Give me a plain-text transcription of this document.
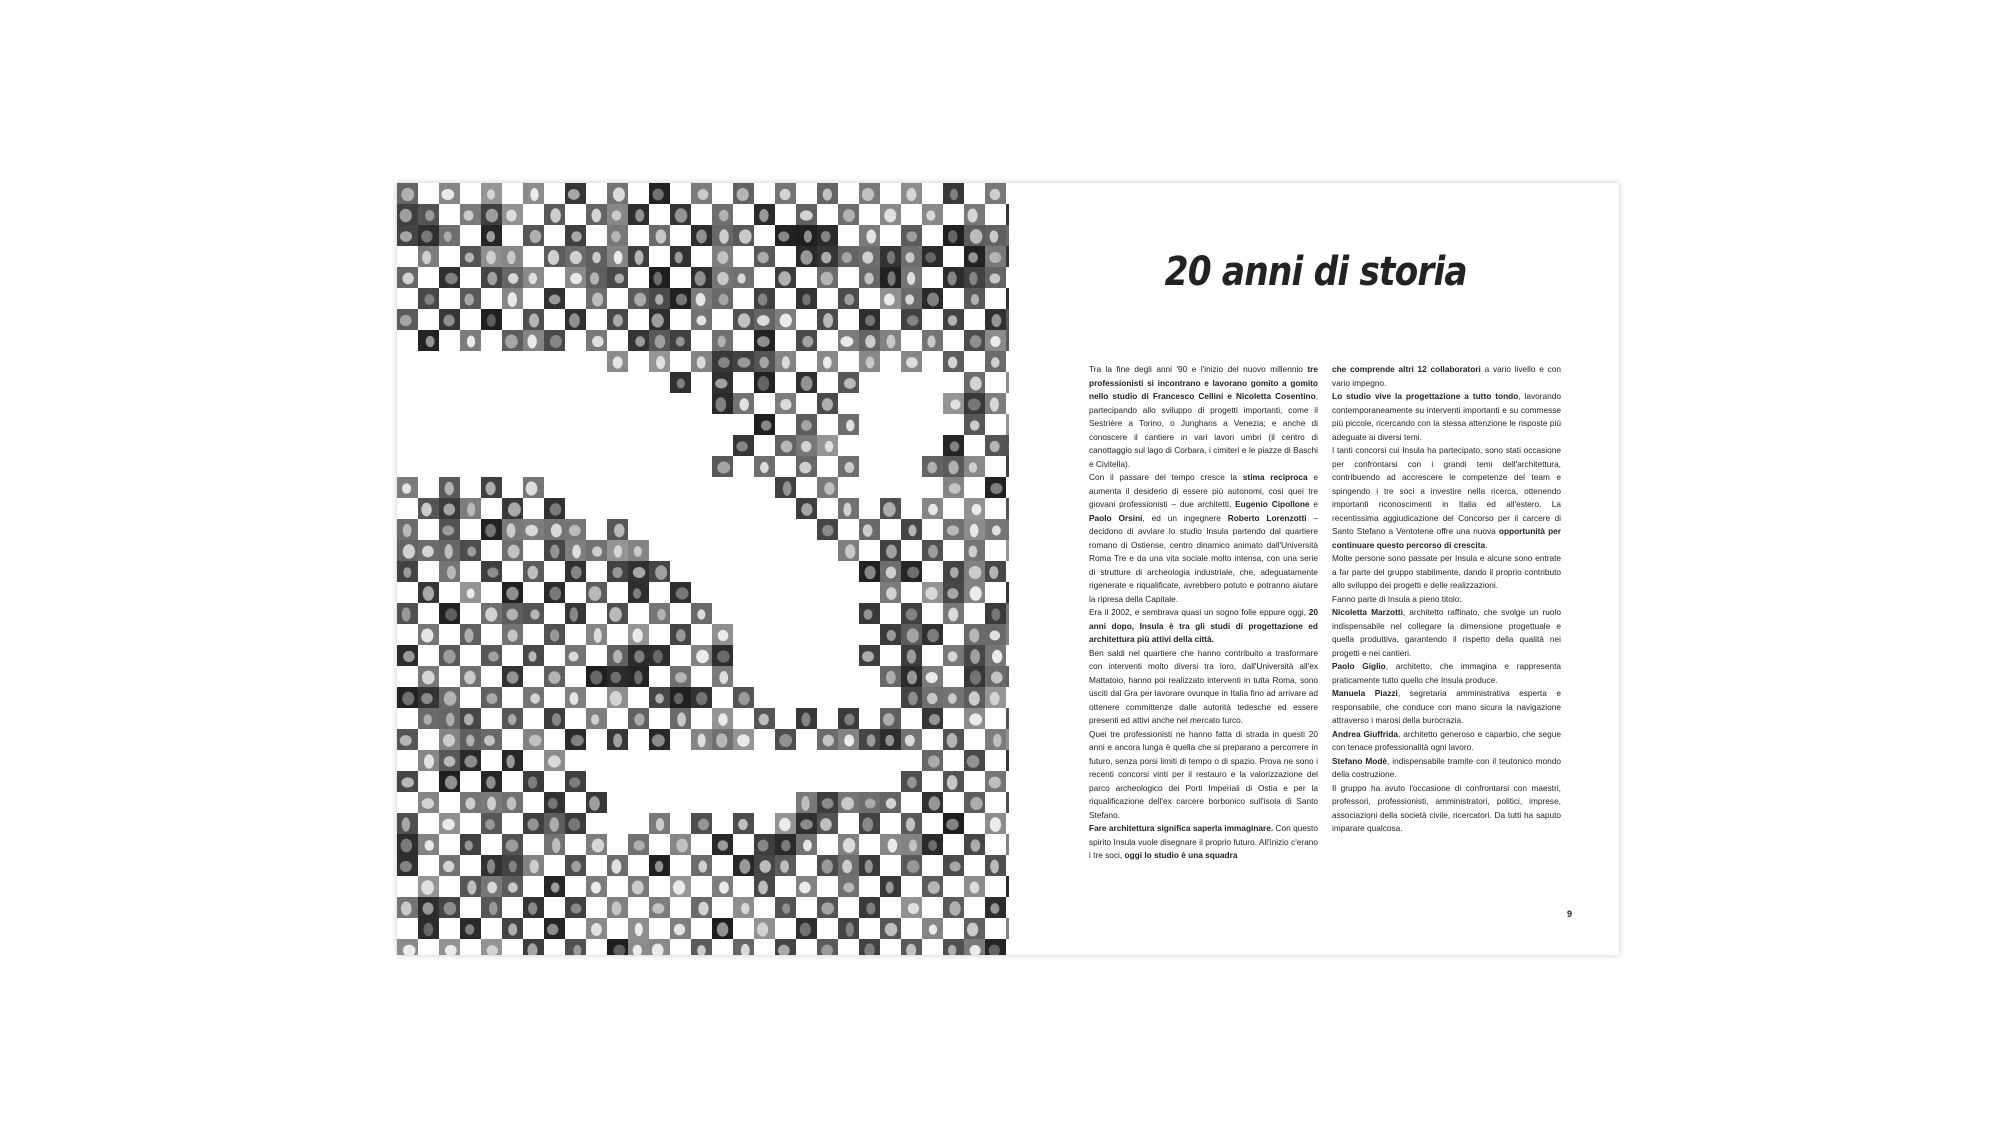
20 anni di storia

Tra la fine degli anni '90 e l'inizio del nuovo millennio tre professionisti si incontrano e lavorano gomito a gomito nello studio di Francesco Cellini e Nicoletta Cosentino, partecipando allo sviluppo di progetti importanti, come il Sestrière a Torino, o Junghans a Venezia; e anche di conoscere il cantiere in vari lavori umbri (il centro di canottaggio sul lago di Corbara, i cimiteri e le piazze di Baschi e Civitella).

Con il passare del tempo cresce la stima reciproca e aumenta il desiderio di essere più autonomi, così quei tre giovani professionisti – due architetti, Eugenio Cipollone e Paolo Orsini, ed un ingegnere Roberto Lorenzotti – decidono di avviare lo studio Insula partendo dal quartiere romano di Ostiense, centro dinamico animato dall'Università Roma Tre e da una vita sociale molto intensa, con una serie di strutture di archeologia industriale, che, adeguatamente rigenerate e riqualificate, avrebbero potuto e potranno aiutare la ripresa della Capitale.

Era il 2002, e sembrava quasi un sogno folle eppure oggi, 20 anni dopo, Insula è tra gli studi di progettazione ed architettura più attivi della città.

Ben saldi nel quartiere che hanno contribuito a trasformare con interventi molto diversi tra loro, dall'Università all'ex Mattatoio, hanno poi realizzato interventi in tutta Roma, sono usciti dal Gra per lavorare ovunque in Italia fino ad arrivare ad ottenere committenze dalle autorità tedesche ed essere presenti ed attivi anche nel mercato turco.

Quei tre professionisti ne hanno fatta di strada in questi 20 anni e ancora lunga è quella che si preparano a percorrere in futuro, senza porsi limiti di tempo o di spazio. Prova ne sono i recenti concorsi vinti per il restauro e la valorizzazione del parco archeologico dei Porti Imperiali di Ostia e per la riqualificazione dell'ex carcere borbonico sull'isola di Santo Stefano.

Fare architettura significa saperla immaginare. Con questo spirito Insula vuole disegnare il proprio futuro. All'inizio c'erano i tre soci, oggi lo studio è una squadra

che comprende altri 12 collaboratori a vario livello e con vario impegno.

Lo studio vive la progettazione a tutto tondo, lavorando contemporaneamente su interventi importanti e su commesse più piccole, ricercando con la stessa attenzione le risposte più adeguate ai diversi temi.

I tanti concorsi cui Insula ha partecipato, sono stati occasione per confrontarsi con i grandi temi dell'architettura, contribuendo ad accrescere le competenze del team e spingendo i tre soci a investire nella ricerca, ottenendo importanti riconoscimenti in Italia ed all'estero. La recentissima aggiudicazione del Concorso per il carcere di Santo Stefano a Ventotene offre una nuova opportunità per continuare questo percorso di crescita.

Molte persone sono passate per Insula e alcune sono entrate a far parte del gruppo stabilmente, dando il proprio contributo allo sviluppo dei progetti e delle realizzazioni.

Fanno parte di Insula a pieno titolo:

Nicoletta Marzotti, architetto raffinato, che svolge un ruolo indispensabile nel collegare la dimensione progettuale e quella produttiva, garantendo il rispetto della qualità nei progetti e nei cantieri.

Paolo Giglio, architetto, che immagina e rappresenta praticamente tutto quello che Insula produce.

Manuela Piazzi, segretaria amministrativa esperta e responsabile, che conduce con mano sicura la navigazione attraverso i marosi della burocrazia.

Andrea Giuffrida, architetto generoso e caparbio, che segue con tenace professionalità ogni lavoro.

Stefano Modè, indispensabile tramite con il teutonico mondo della costruzione.

Il gruppo ha avuto l'occasione di confrontarsi con maestri, professori, professionisti, amministratori, politici, imprese, associazioni della società civile, ricercatori. Da tutti ha saputo imparare qualcosa.

9
